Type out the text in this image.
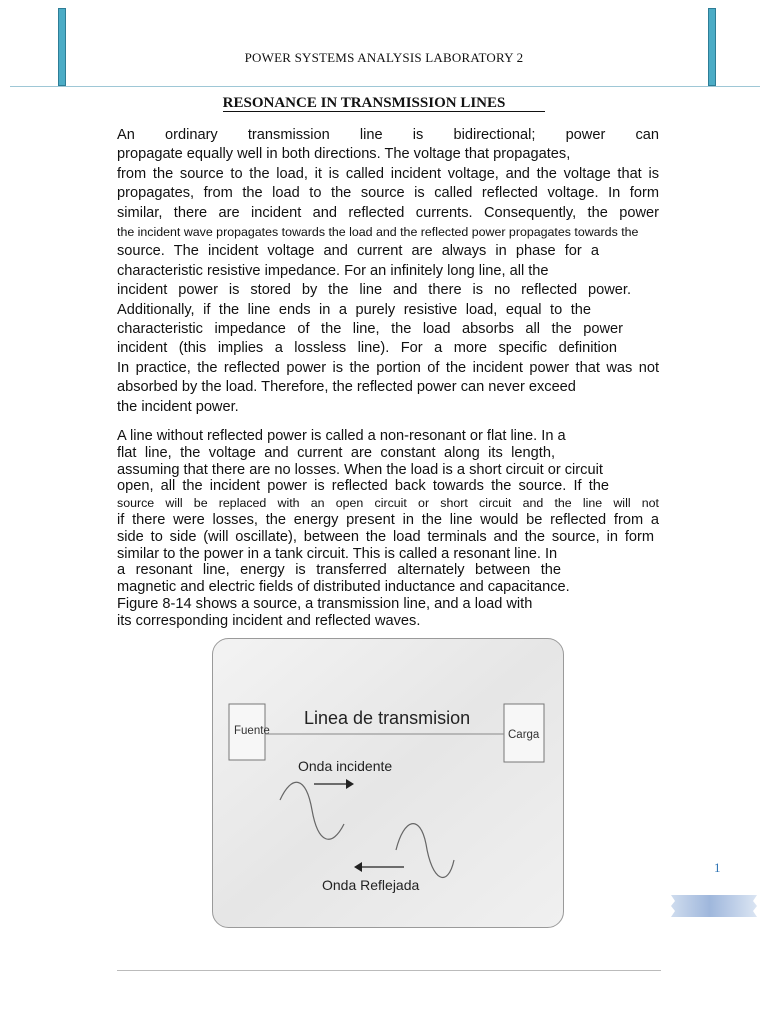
POWER SYSTEMS ANALYSIS LABORATORY 2
RESONANCE IN TRANSMISSION LINES
An ordinary transmission line is bidirectional; power can
propagate equally well in both directions. The voltage that propagates,
from the source to the load, it is called incident voltage, and the voltage that is
propagates, from the load to the source is called reflected voltage. In form
similar, there are incident and reflected currents. Consequently, the power
the incident wave propagates towards the load and the reflected power propagates towards the
source. The incident voltage and current are always in phase for a
characteristic resistive impedance. For an infinitely long line, all the
incident power is stored by the line and there is no reflected power.
Additionally, if the line ends in a purely resistive load, equal to the
characteristic impedance of the line, the load absorbs all the power
incident (this implies a lossless line). For a more specific definition
In practice, the reflected power is the portion of the incident power that was not
absorbed by the load. Therefore, the reflected power can never exceed
the incident power.
A line without reflected power is called a non-resonant or flat line. In a
flat line, the voltage and current are constant along its length,
assuming that there are no losses. When the load is a short circuit or circuit
open, all the incident power is reflected back towards the source. If the
source will be replaced with an open circuit or short circuit and the line will not
if there were losses, the energy present in the line would be reflected from a
side to side (will oscillate), between the load terminals and the source, in form
similar to the power in a tank circuit. This is called a resonant line. In
a resonant line, energy is transferred alternately between the
magnetic and electric fields of distributed inductance and capacitance.
Figure 8-14 shows a source, a transmission line, and a load with
its corresponding incident and reflected waves.
Fuente	Carga
Linea de transmision
Onda incidente
Onda Reflejada
1
